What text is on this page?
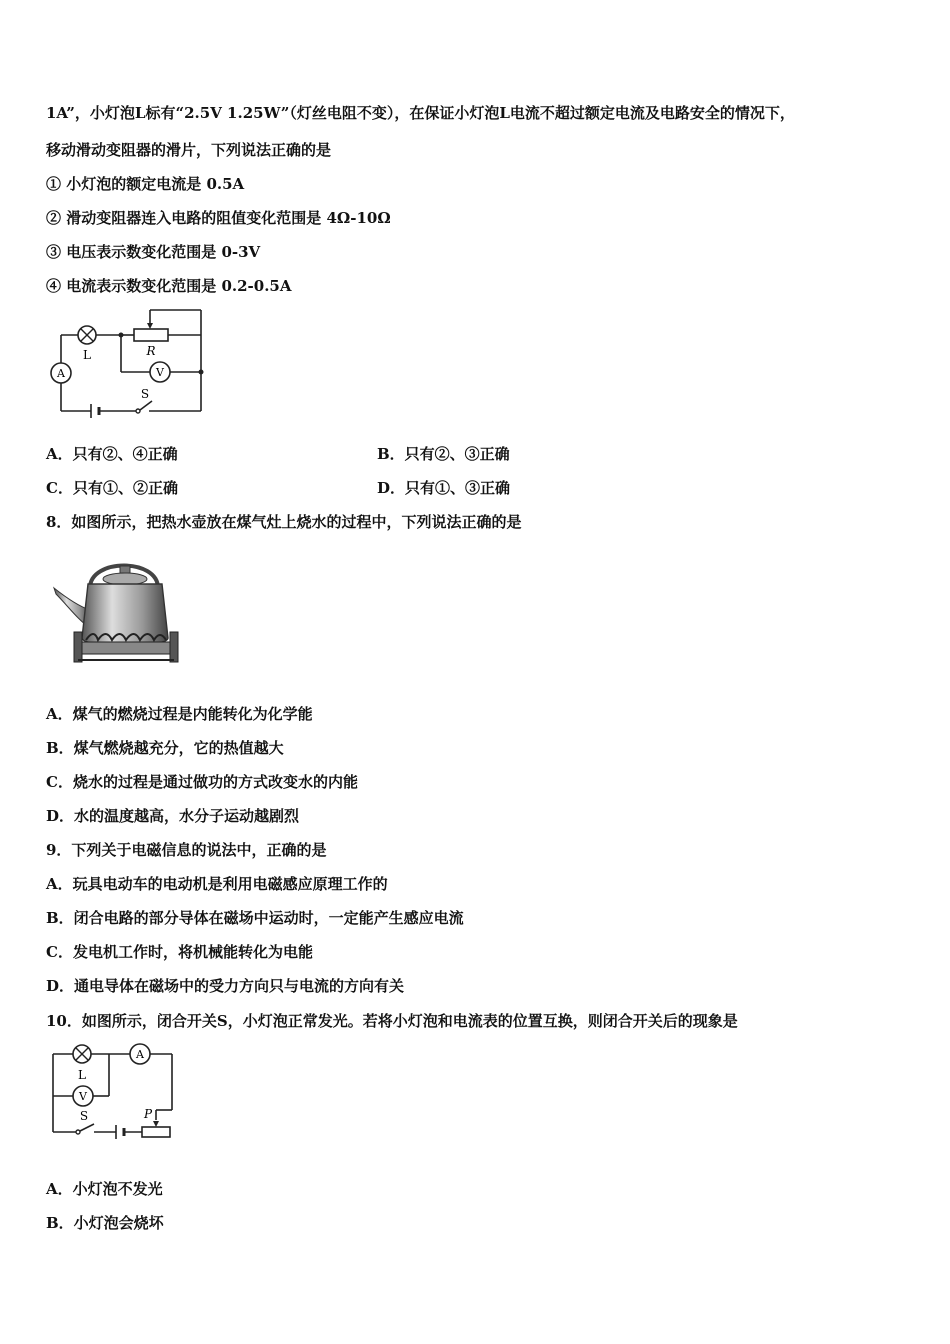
1A”，小灯泡L标有“2.5V 1.25W”（灯丝电阻不变），在保证小灯泡L电流不超过额定电流及电路安全的情况下，
移动滑动变阻器的滑片，下列说法正确的是
① 小灯泡的额定电流是 0.5A
② 滑动变阻器连入电路的阻值变化范围是 4Ω-10Ω
③ 电压表示数变化范围是 0-3V
④ 电流表示数变化范围是 0.2-0.5A
L	R
A	V
S
A．只有②、④正确	B．只有②、③正确
C．只有①、②正确	D．只有①、③正确
8．如图所示，把热水壶放在煤气灶上烧水的过程中，下列说法正确的是
A．煤气的燃烧过程是内能转化为化学能
B．煤气燃烧越充分，它的热值越大
C．烧水的过程是通过做功的方式改变水的内能
D．水的温度越高，水分子运动越剧烈
9．下列关于电磁信息的说法中，正确的是
A．玩具电动车的电动机是利用电磁感应原理工作的
B．闭合电路的部分导体在磁场中运动时，一定能产生感应电流
C．发电机工作时，将机械能转化为电能
D．通电导体在磁场中的受力方向只与电流的方向有关
10．如图所示，闭合开关S，小灯泡正常发光。若将小灯泡和电流表的位置互换，则闭合开关后的现象是
L
A
V
S	P
A．小灯泡不发光
B．小灯泡会烧坏
